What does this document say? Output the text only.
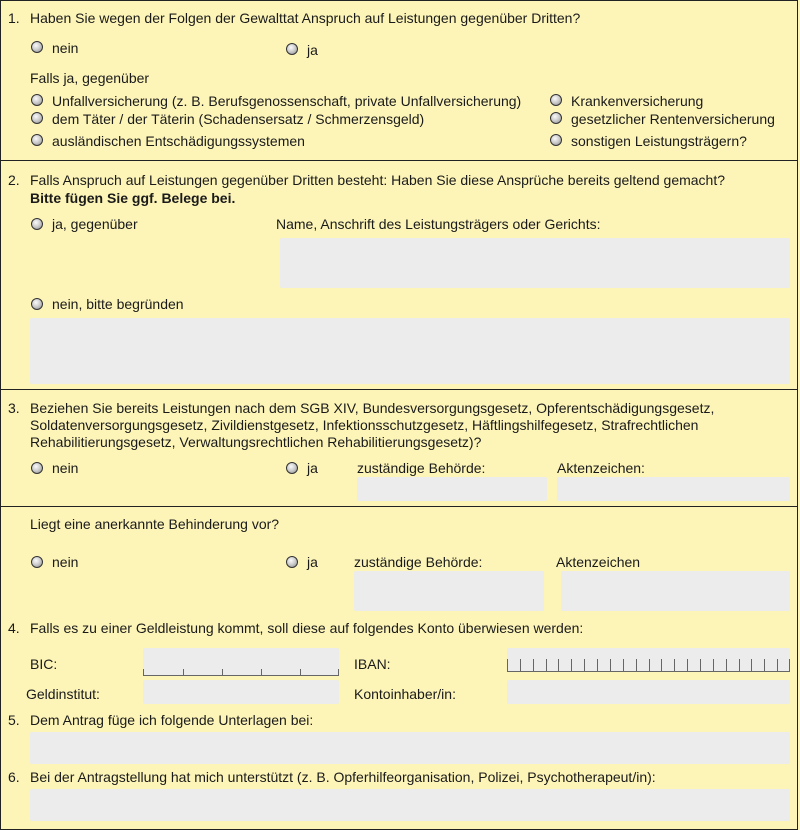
1. Haben Sie wegen der Folgen der Gewalttat Anspruch auf Leistungen gegenüber Dritten?
nein	ja
Falls ja, gegenüber
Unfallversicherung (z. B. Berufsgenossenschaft, private Unfallversicherung)	Krankenversicherung
dem Täter / der Täterin (Schadensersatz / Schmerzensgeld)	gesetzlicher Rentenversicherung
ausländischen Entschädigungssystemen	sonstigen Leistungsträgern?
2. Falls Anspruch auf Leistungen gegenüber Dritten besteht: Haben Sie diese Ansprüche bereits geltend gemacht?
Bitte fügen Sie ggf. Belege bei.
ja, gegenüber	Name, Anschrift des Leistungsträgers oder Gerichts:
nein, bitte begründen
3. Beziehen Sie bereits Leistungen nach dem SGB XIV, Bundesversorgungsgesetz, Opferentschädigungsgesetz,
Soldatenversorgungsgesetz, Zivildienstgesetz, Infektionsschutzgesetz, Häftlingshilfegesetz, Strafrechtlichen
Rehabilitierungsgesetz, Verwaltungsrechtlichen Rehabilitierungsgesetz)?
nein	ja	zuständige Behörde:	Aktenzeichen:
Liegt eine anerkannte Behinderung vor?
nein	ja	zuständige Behörde:	Aktenzeichen
4. Falls es zu einer Geldleistung kommt, soll diese auf folgendes Konto überwiesen werden:
BIC:	IBAN:
Geldinstitut:	Kontoinhaber/in:
5. Dem Antrag füge ich folgende Unterlagen bei:
6. Bei der Antragstellung hat mich unterstützt (z. B. Opferhilfeorganisation, Polizei, Psychotherapeut/in):
